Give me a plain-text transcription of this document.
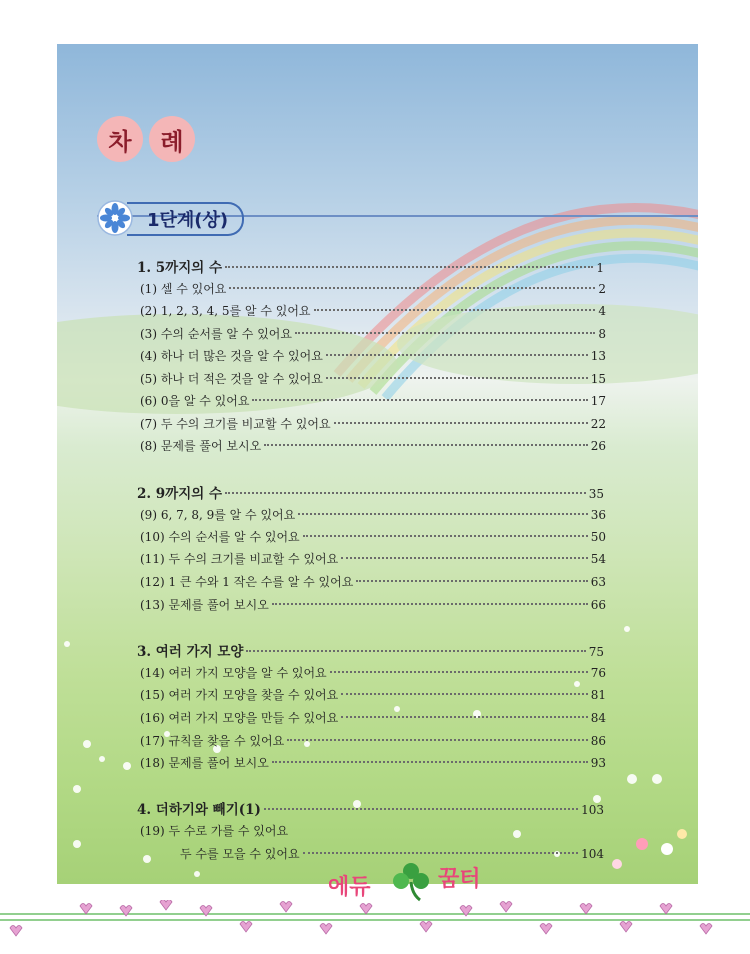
차	례
1단계(상)
1. 5까지의 수	1
(1) 셀 수 있어요	2
(2) 1, 2, 3, 4, 5를 알 수 있어요	4
(3) 수의 순서를 알 수 있어요	8
(4) 하나 더 많은 것을 알 수 있어요	13
(5) 하나 더 적은 것을 알 수 있어요	15
(6) 0을 알 수 있어요	17
(7) 두 수의 크기를 비교할 수 있어요	22
(8) 문제를 풀어 보시오	26
2. 9까지의 수	35
(9) 6, 7, 8, 9를 알 수 있어요	36
(10) 수의 순서를 알 수 있어요	50
(11) 두 수의 크기를 비교할 수 있어요	54
(12) 1 큰 수와 1 작은 수를 알 수 있어요	63
(13) 문제를 풀어 보시오	66
3. 여러 가지 모양	75
(14) 여러 가지 모양을 알 수 있어요	76
(15) 여러 가지 모양을 찾을 수 있어요	81
(16) 여러 가지 모양을 만들 수 있어요	84
(17) 규칙을 찾을 수 있어요	86
(18) 문제를 풀어 보시오	93
4. 더하기와 빼기(1)	103
(19) 두 수로 가를 수 있어요
두 수를 모을 수 있어요	104
에듀	꿈터
